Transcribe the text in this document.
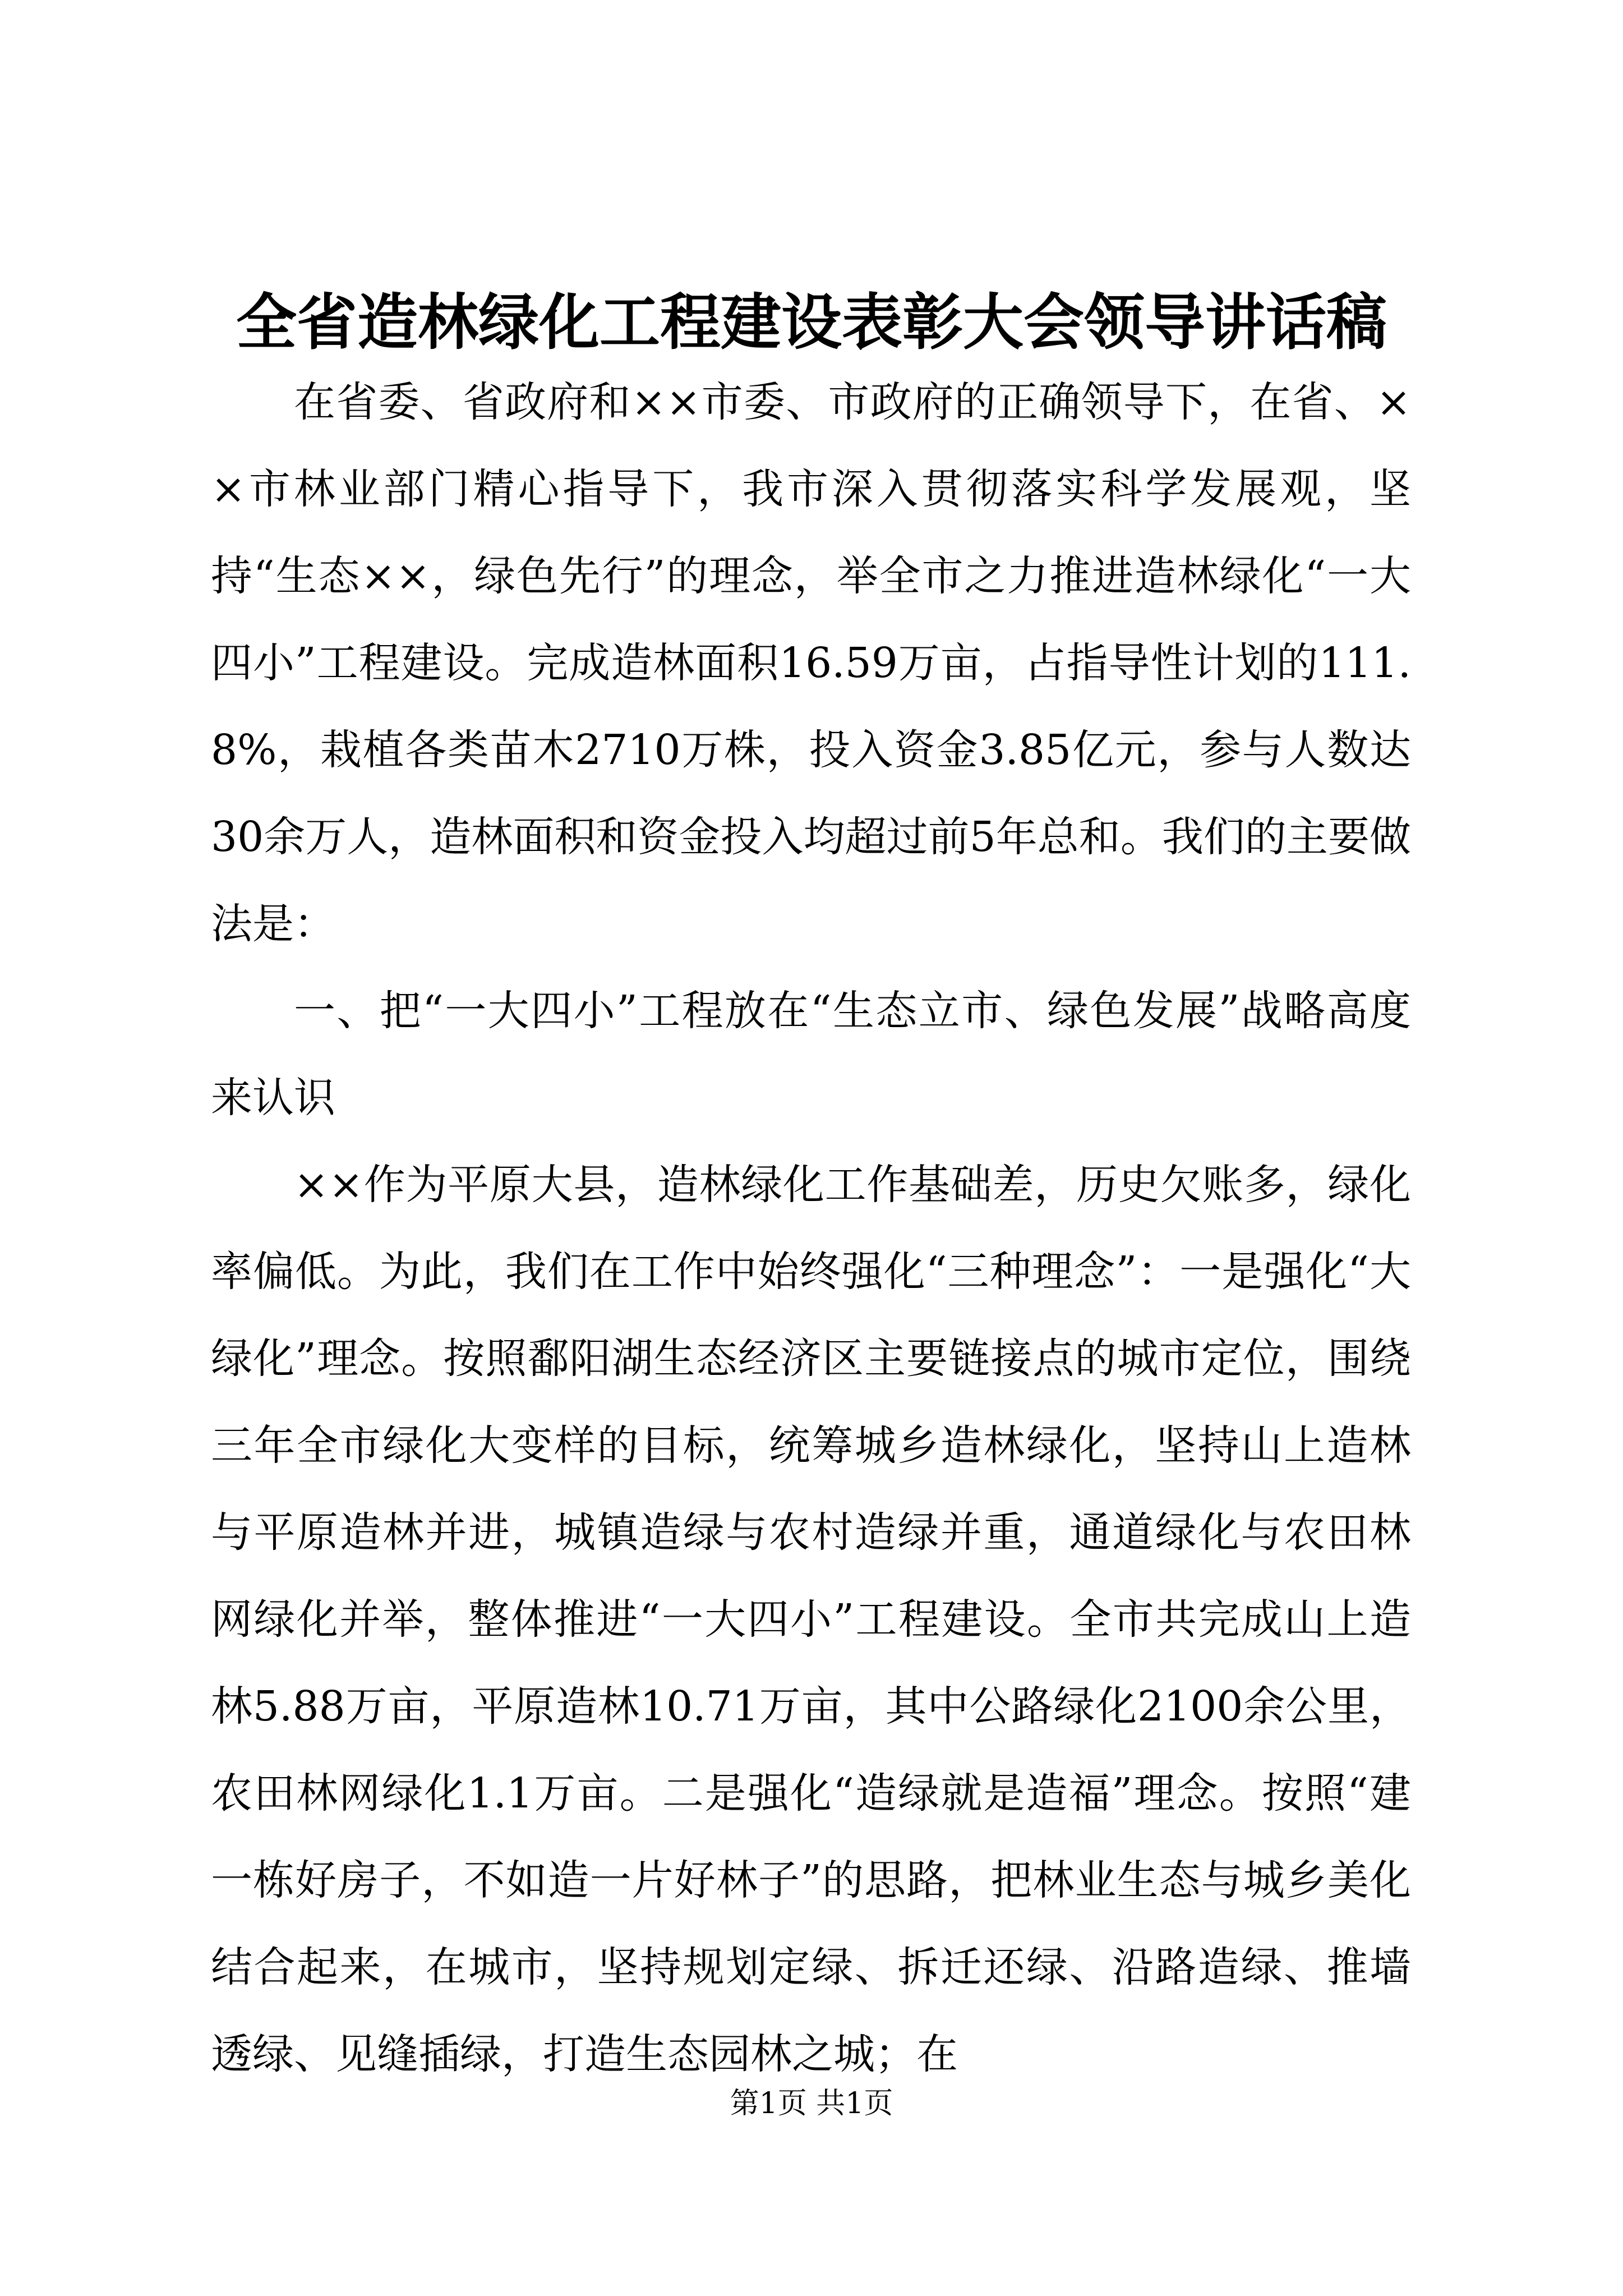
全省造林绿化工程建设表彰大会领导讲话稿

在省委、省政府和××市委、市政府的正确领导下，在省、××市林业部门精心指导下，我市深入贯彻落实科学发展观，坚持“生态××，绿色先行”的理念，举全市之力推进造林绿化“一大四小”工程建设。完成造林面积16.59万亩，占指导性计划的111.8%，栽植各类苗木2710万株，投入资金3.85亿元，参与人数达30余万人，造林面积和资金投入均超过前5年总和。我们的主要做法是：

一、把“一大四小”工程放在“生态立市、绿色发展”战略高度来认识

××作为平原大县，造林绿化工作基础差，历史欠账多，绿化率偏低。为此，我们在工作中始终强化“三种理念”：一是强化“大绿化”理念。按照鄱阳湖生态经济区主要链接点的城市定位，围绕三年全市绿化大变样的目标，统筹城乡造林绿化，坚持山上造林与平原造林并进，城镇造绿与农村造绿并重，通道绿化与农田林网绿化并举，整体推进“一大四小”工程建设。全市共完成山上造林5.88万亩，平原造林10.71万亩，其中公路绿化2100余公里，农田林网绿化1.1万亩。二是强化“造绿就是造福”理念。按照“建一栋好房子，不如造一片好林子”的思路，把林业生态与城乡美化结合起来，在城市，坚持规划定绿、拆迁还绿、沿路造绿、推墙透绿、见缝插绿，打造生态园林之城；在

第1页 共1页
